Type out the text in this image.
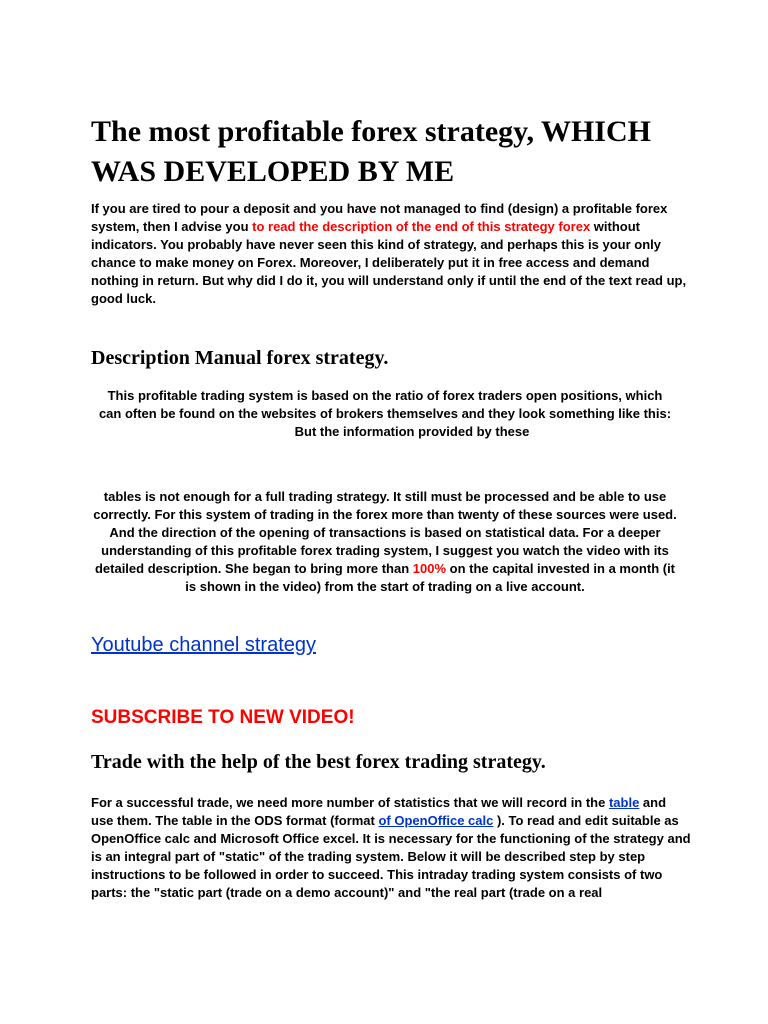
The most profitable forex strategy, WHICH WAS DEVELOPED BY ME

If you are tired to pour a deposit and you have not managed to find (design) a profitable forex system, then I advise you to read the description of the end of this strategy forex without indicators. You probably have never seen this kind of strategy, and perhaps this is your only chance to make money on Forex. Moreover, I deliberately put it in free access and demand nothing in return. But why did I do it, you will understand only if until the end of the text read up, good luck.

Description Manual forex strategy.

This profitable trading system is based on the ratio of forex traders open positions, which can often be found on the websites of brokers themselves and they look something like this:But the information provided by these

tables is not enough for a full trading strategy. It still must be processed and be able to use correctly. For this system of trading in the forex more than twenty of these sources were used. And the direction of the opening of transactions is based on statistical data. For a deeper understanding of this profitable forex trading system, I suggest you watch the video with its detailed description. She began to bring more than 100% on the capital invested in a month (it is shown in the video) from the start of trading on a live account.

Youtube channel strategy
SUBSCRIBE TO NEW VIDEO!
Trade with the help of the best forex trading strategy.

For a successful trade, we need more number of statistics that we will record in the table and use them. The table in the ODS format (format of OpenOffice calc ). To read and edit suitable as OpenOffice calc and Microsoft Office excel. It is necessary for the functioning of the strategy and is an integral part of "static" of the trading system. Below it will be described step by step instructions to be followed in order to succeed. This intraday trading system consists of two parts: the "static part (trade on a demo account)" and "the real part (trade on a real
